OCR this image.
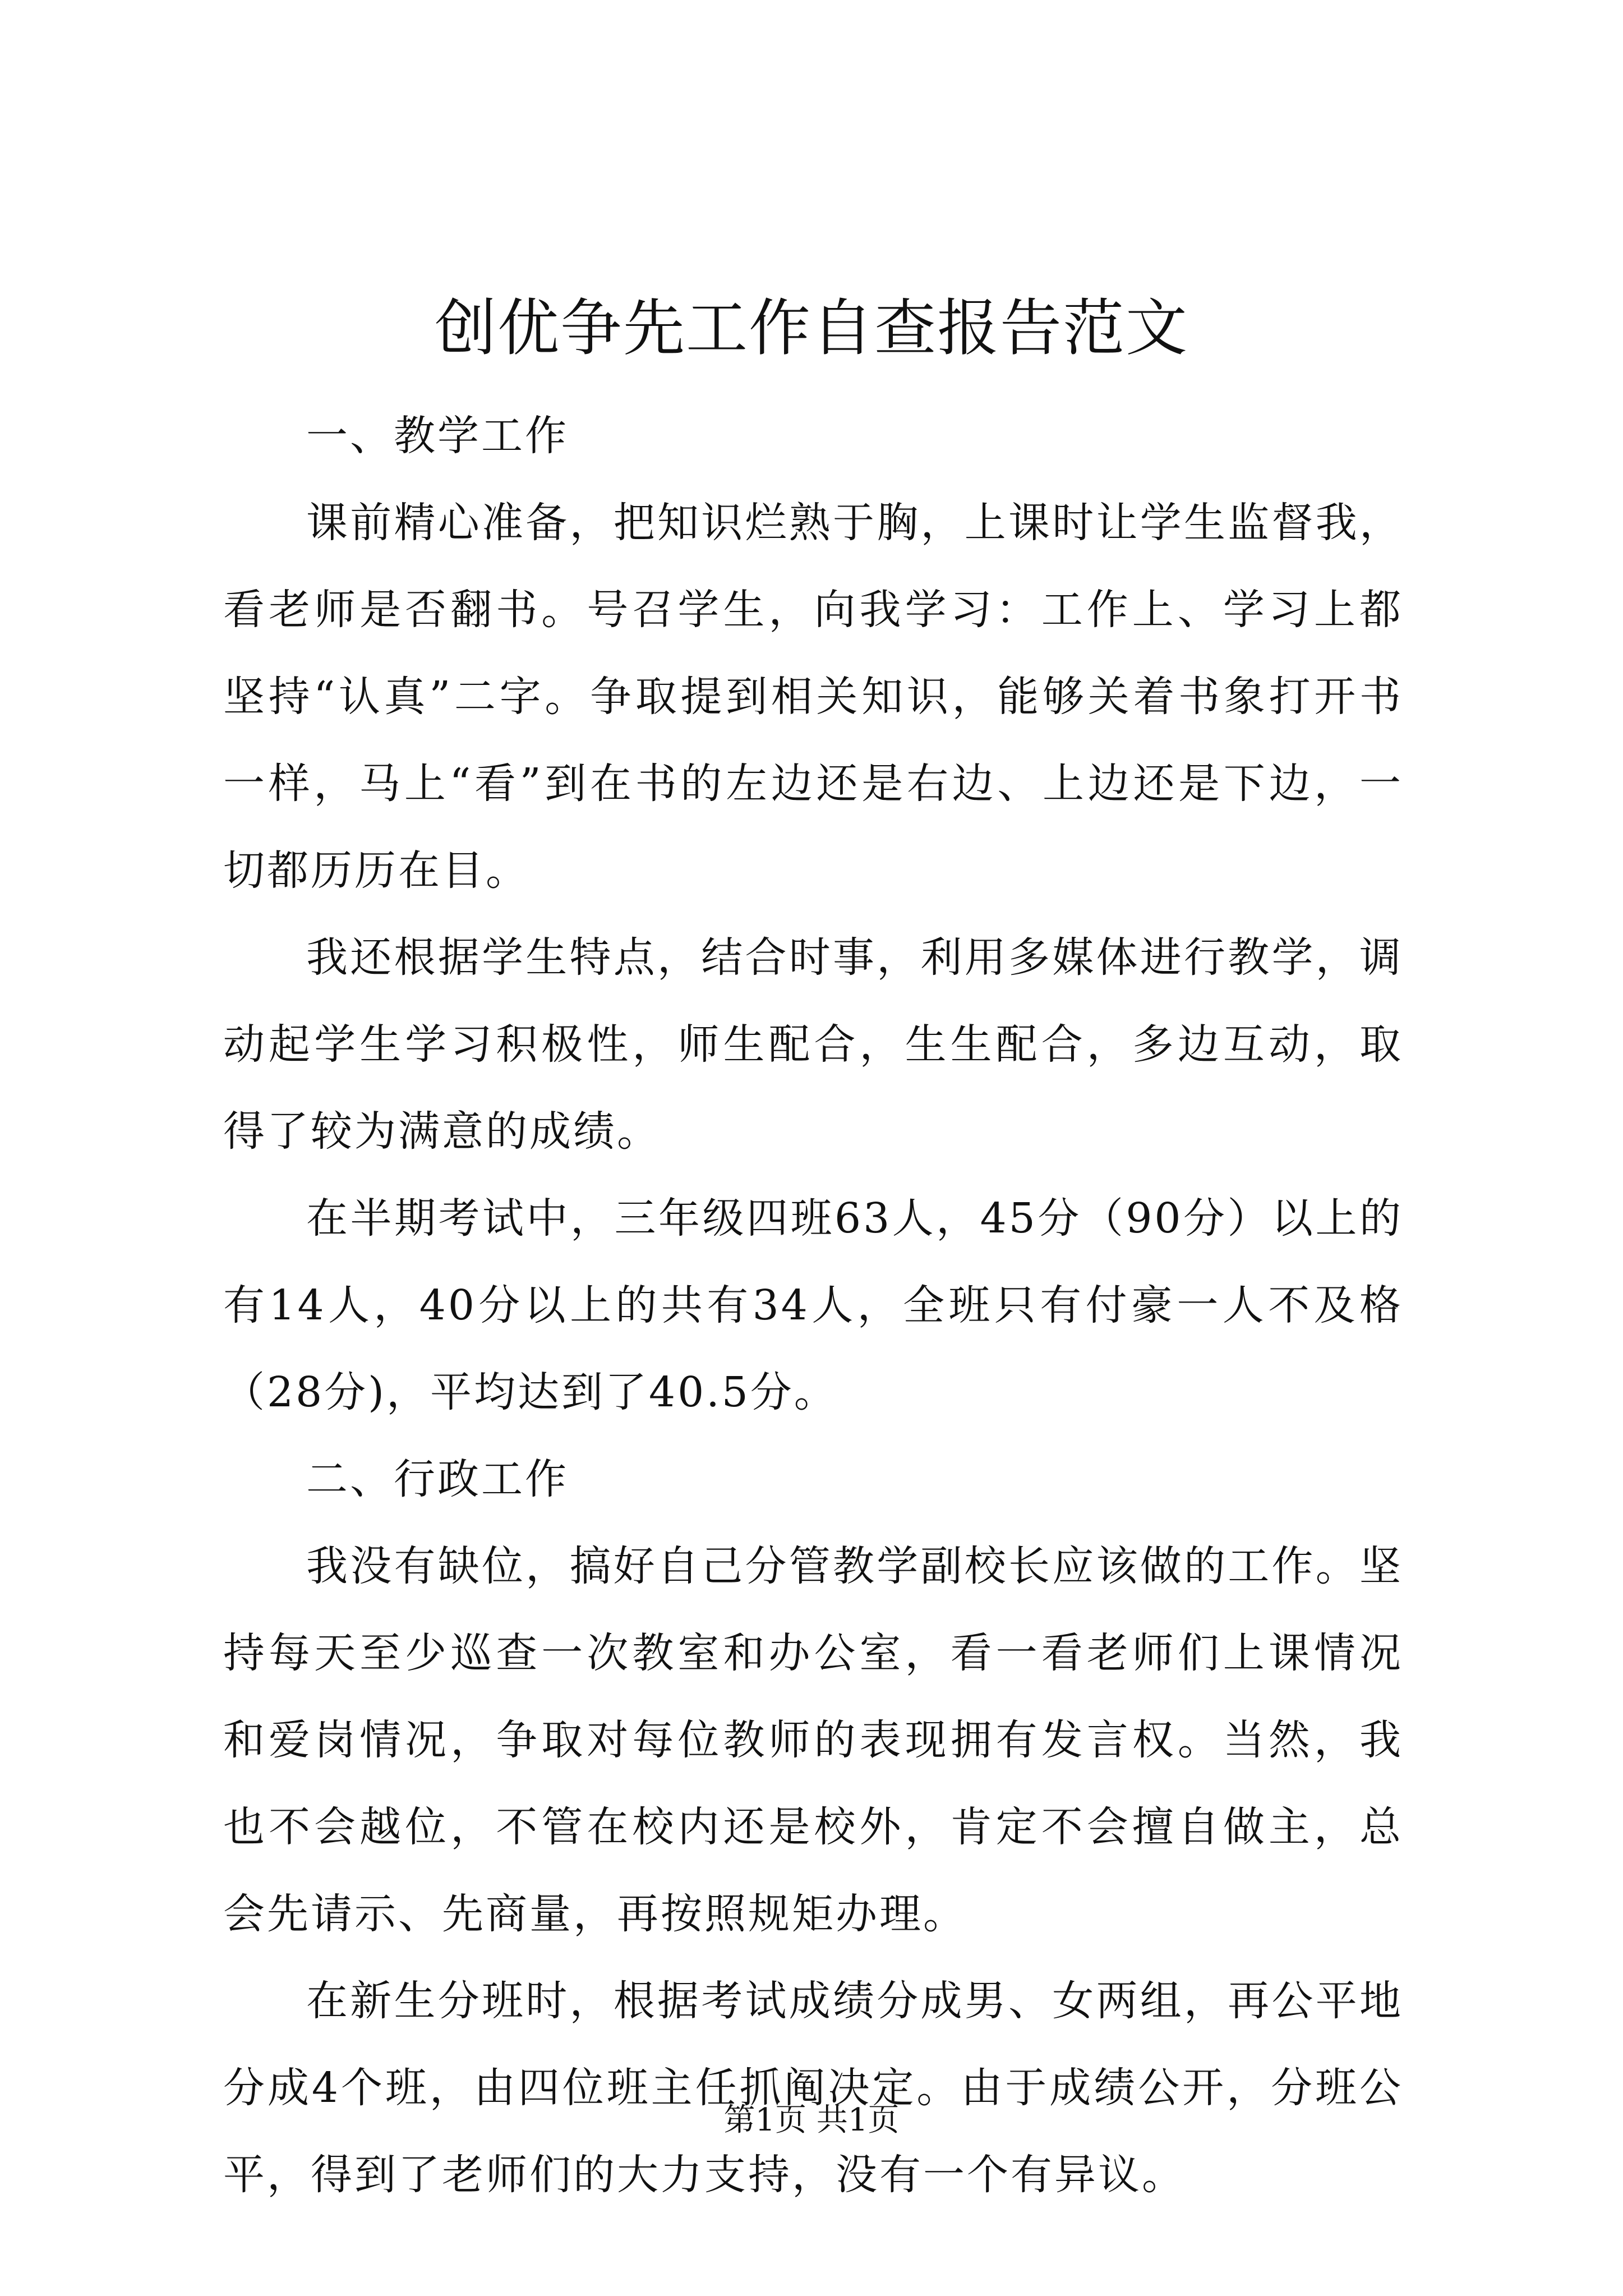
创优争先工作自查报告范文

一、教学工作

课前精心准备，把知识烂熟于胸，上课时让学生监督我，看老师是否翻书。号召学生，向我学习：工作上、学习上都坚持“认真”二字。争取提到相关知识，能够关着书象打开书一样，马上“看”到在书的左边还是右边、上边还是下边，一切都历历在目。

我还根据学生特点，结合时事，利用多媒体进行教学，调动起学生学习积极性，师生配合，生生配合，多边互动，取得了较为满意的成绩。

在半期考试中，三年级四班63人，45分（90分）以上的有14人，40分以上的共有34人，全班只有付豪一人不及格（28分)，平均达到了40.5分。

二、行政工作

我没有缺位，搞好自己分管教学副校长应该做的工作。坚持每天至少巡查一次教室和办公室，看一看老师们上课情况和爱岗情况，争取对每位教师的表现拥有发言权。当然，我也不会越位，不管在校内还是校外，肯定不会擅自做主，总会先请示、先商量，再按照规矩办理。

在新生分班时，根据考试成绩分成男、女两组，再公平地分成4个班，由四位班主任抓阄决定。由于成绩公开，分班公平，得到了老师们的大力支持，没有一个有异议。

第1页 共1页
